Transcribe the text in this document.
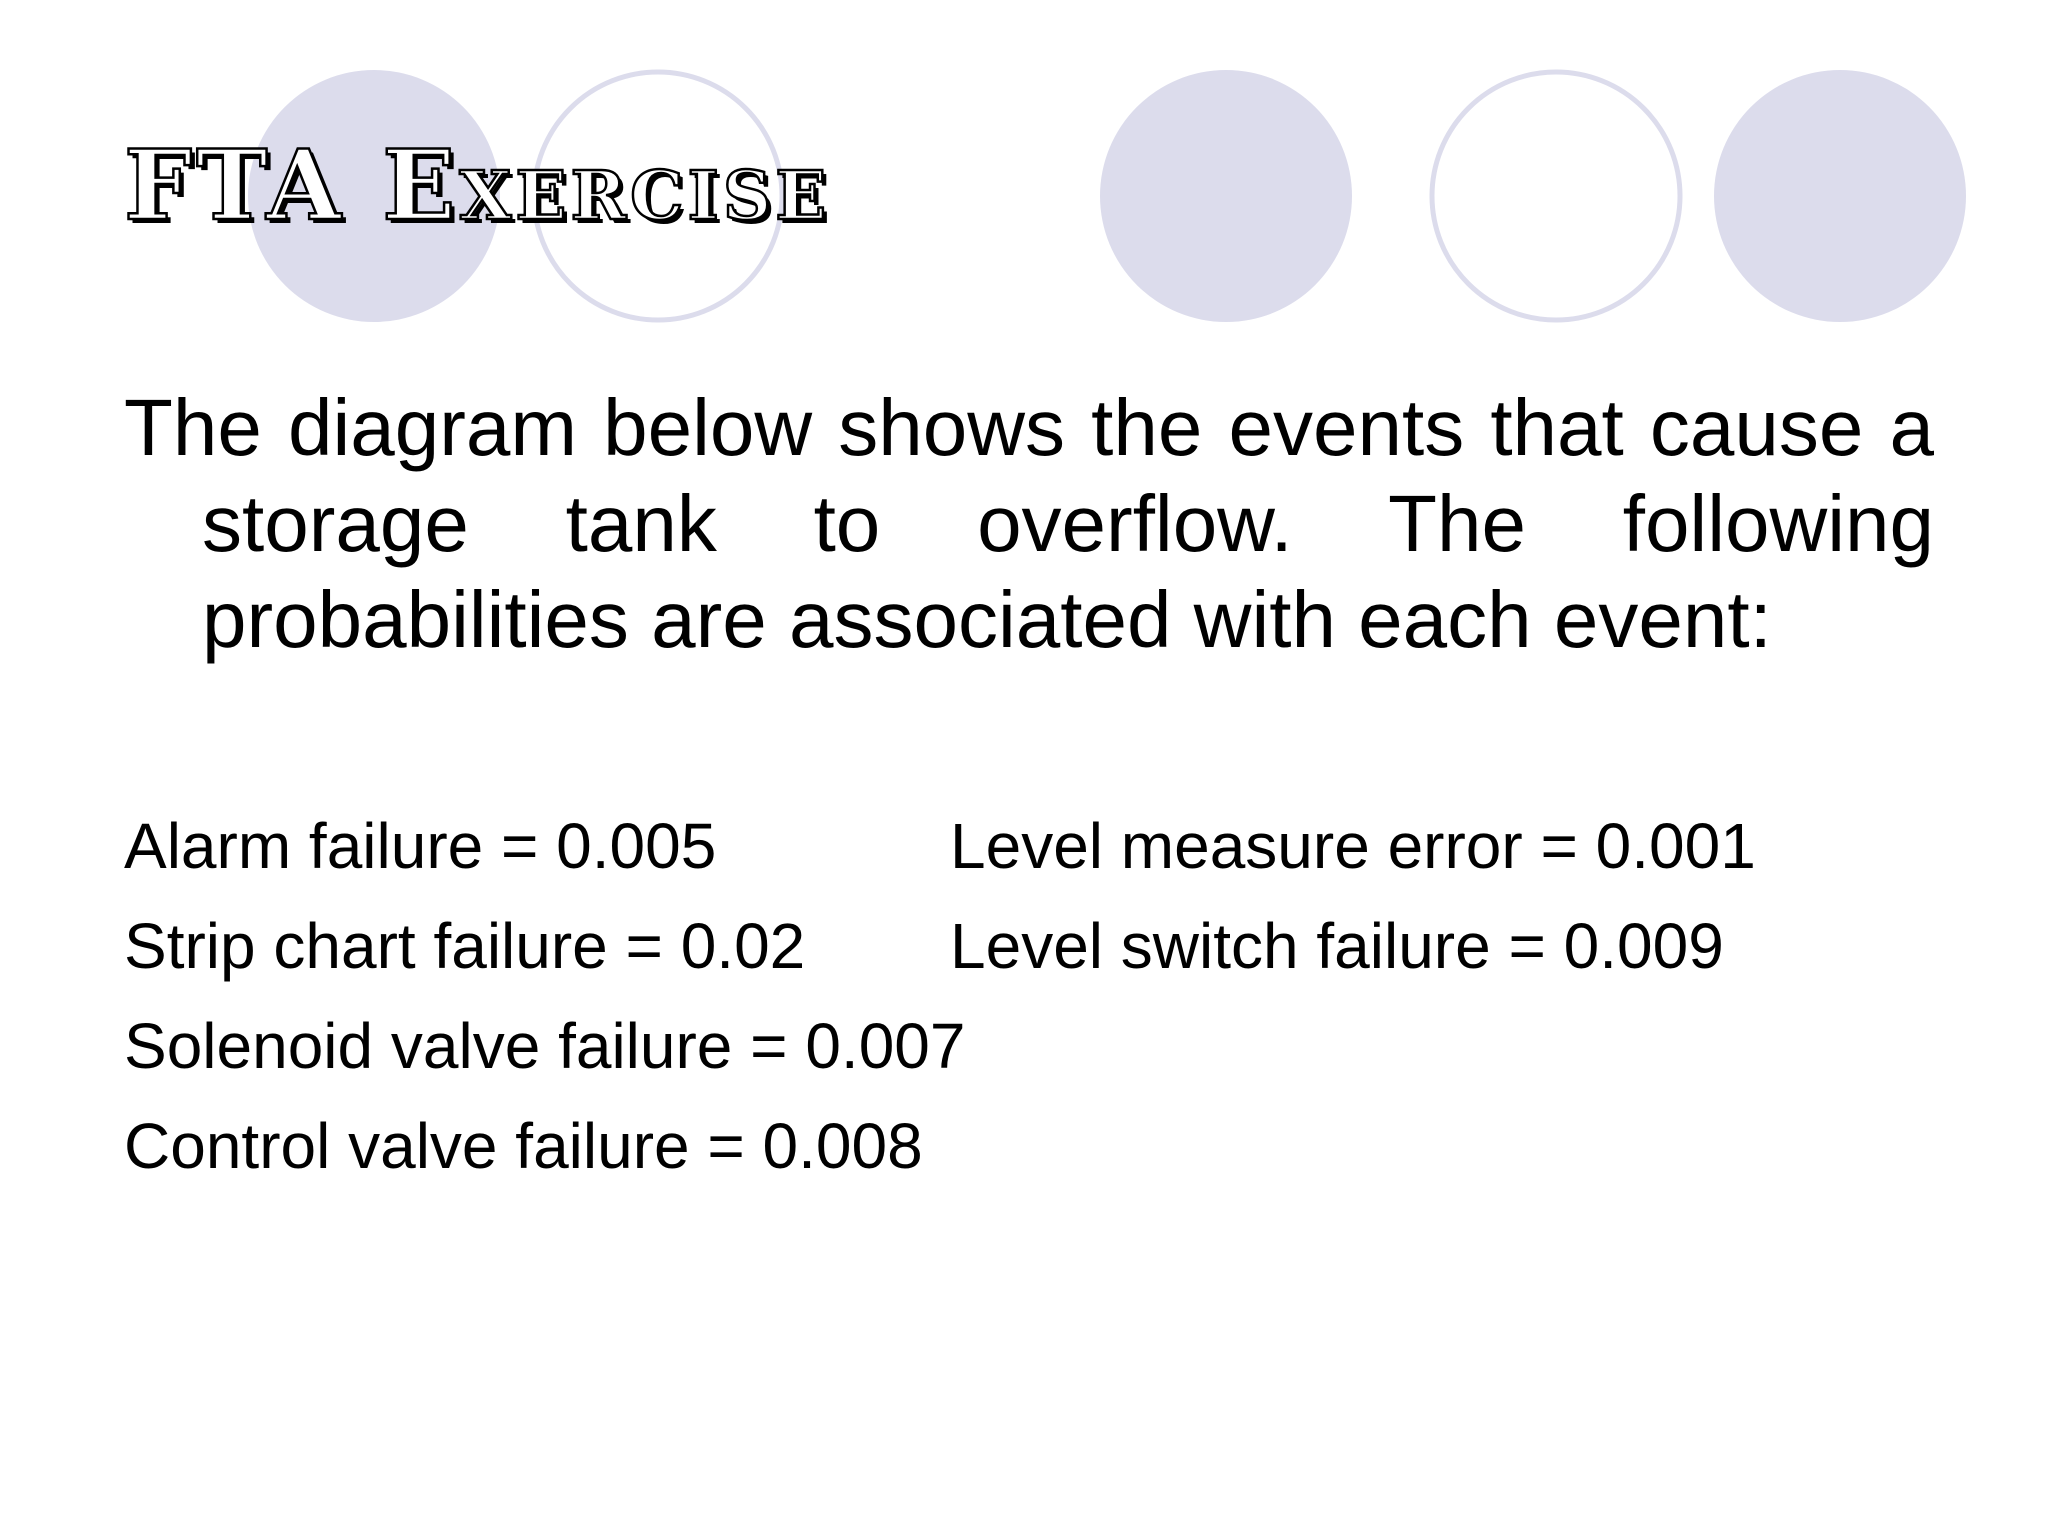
FTA Exercise

The diagram below shows the events that cause a storage tank to overflow. The following probabilities are associated with each event:

Alarm failure = 0.005	Level measure error = 0.001
Strip chart failure = 0.02 Level switch failure = 0.009
Solenoid valve failure = 0.007
Control valve failure = 0.008
